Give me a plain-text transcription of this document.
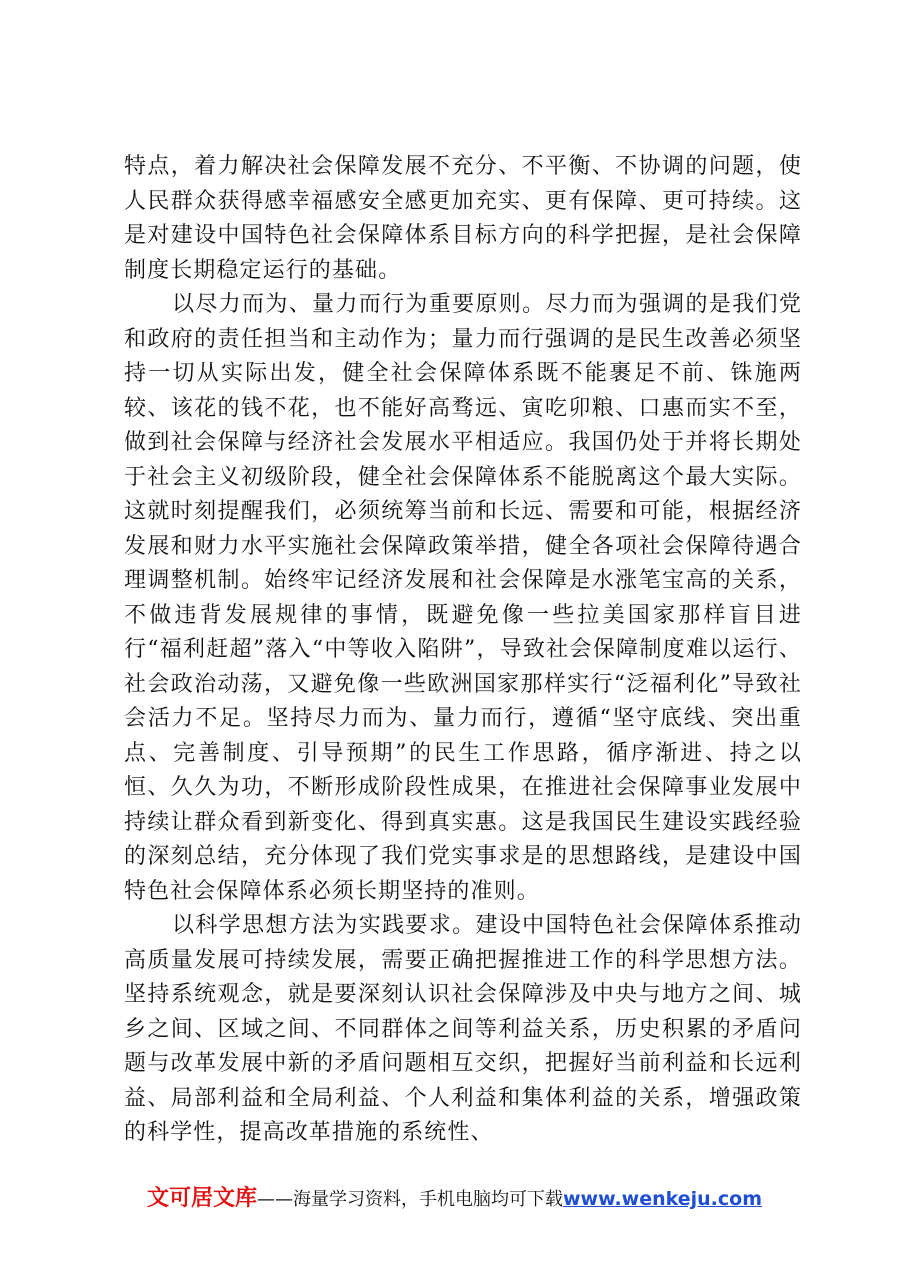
特点，着力解决社会保障发展不充分、不平衡、不协调的问题，使人民群众获得感幸福感安全感更加充实、更有保障、更可持续。这是对建设中国特色社会保障体系目标方向的科学把握，是社会保障制度长期稳定运行的基础。

以尽力而为、量力而行为重要原则。尽力而为强调的是我们党和政府的责任担当和主动作为；量力而行强调的是民生改善必须坚持一切从实际出发，健全社会保障体系既不能裹足不前、铢施两较、该花的钱不花，也不能好高骛远、寅吃卯粮、口惠而实不至，做到社会保障与经济社会发展水平相适应。我国仍处于并将长期处于社会主义初级阶段，健全社会保障体系不能脱离这个最大实际。这就时刻提醒我们，必须统筹当前和长远、需要和可能，根据经济发展和财力水平实施社会保障政策举措，健全各项社会保障待遇合理调整机制。始终牢记经济发展和社会保障是水涨笔宝高的关系，不做违背发展规律的事情，既避免像一些拉美国家那样盲目进行“福利赶超”落入“中等收入陷阱”，导致社会保障制度难以运行、社会政治动荡，又避免像一些欧洲国家那样实行“泛福利化”导致社会活力不足。坚持尽力而为、量力而行，遵循“坚守底线、突出重点、完善制度、引导预期”的民生工作思路，循序渐进、持之以恒、久久为功，不断形成阶段性成果，在推进社会保障事业发展中持续让群众看到新变化、得到真实惠。这是我国民生建设实践经验的深刻总结，充分体现了我们党实事求是的思想路线，是建设中国特色社会保障体系必须长期坚持的准则。

以科学思想方法为实践要求。建设中国特色社会保障体系推动高质量发展可持续发展，需要正确把握推进工作的科学思想方法。坚持系统观念，就是要深刻认识社会保障涉及中央与地方之间、城乡之间、区域之间、不同群体之间等利益关系，历史积累的矛盾问题与改革发展中新的矛盾问题相互交织，把握好当前利益和长远利益、局部利益和全局利益、个人利益和集体利益的关系，增强政策的科学性，提高改革措施的系统性、

文可居文库——海量学习资料，手机电脑均可下载www.wenkeju.com
